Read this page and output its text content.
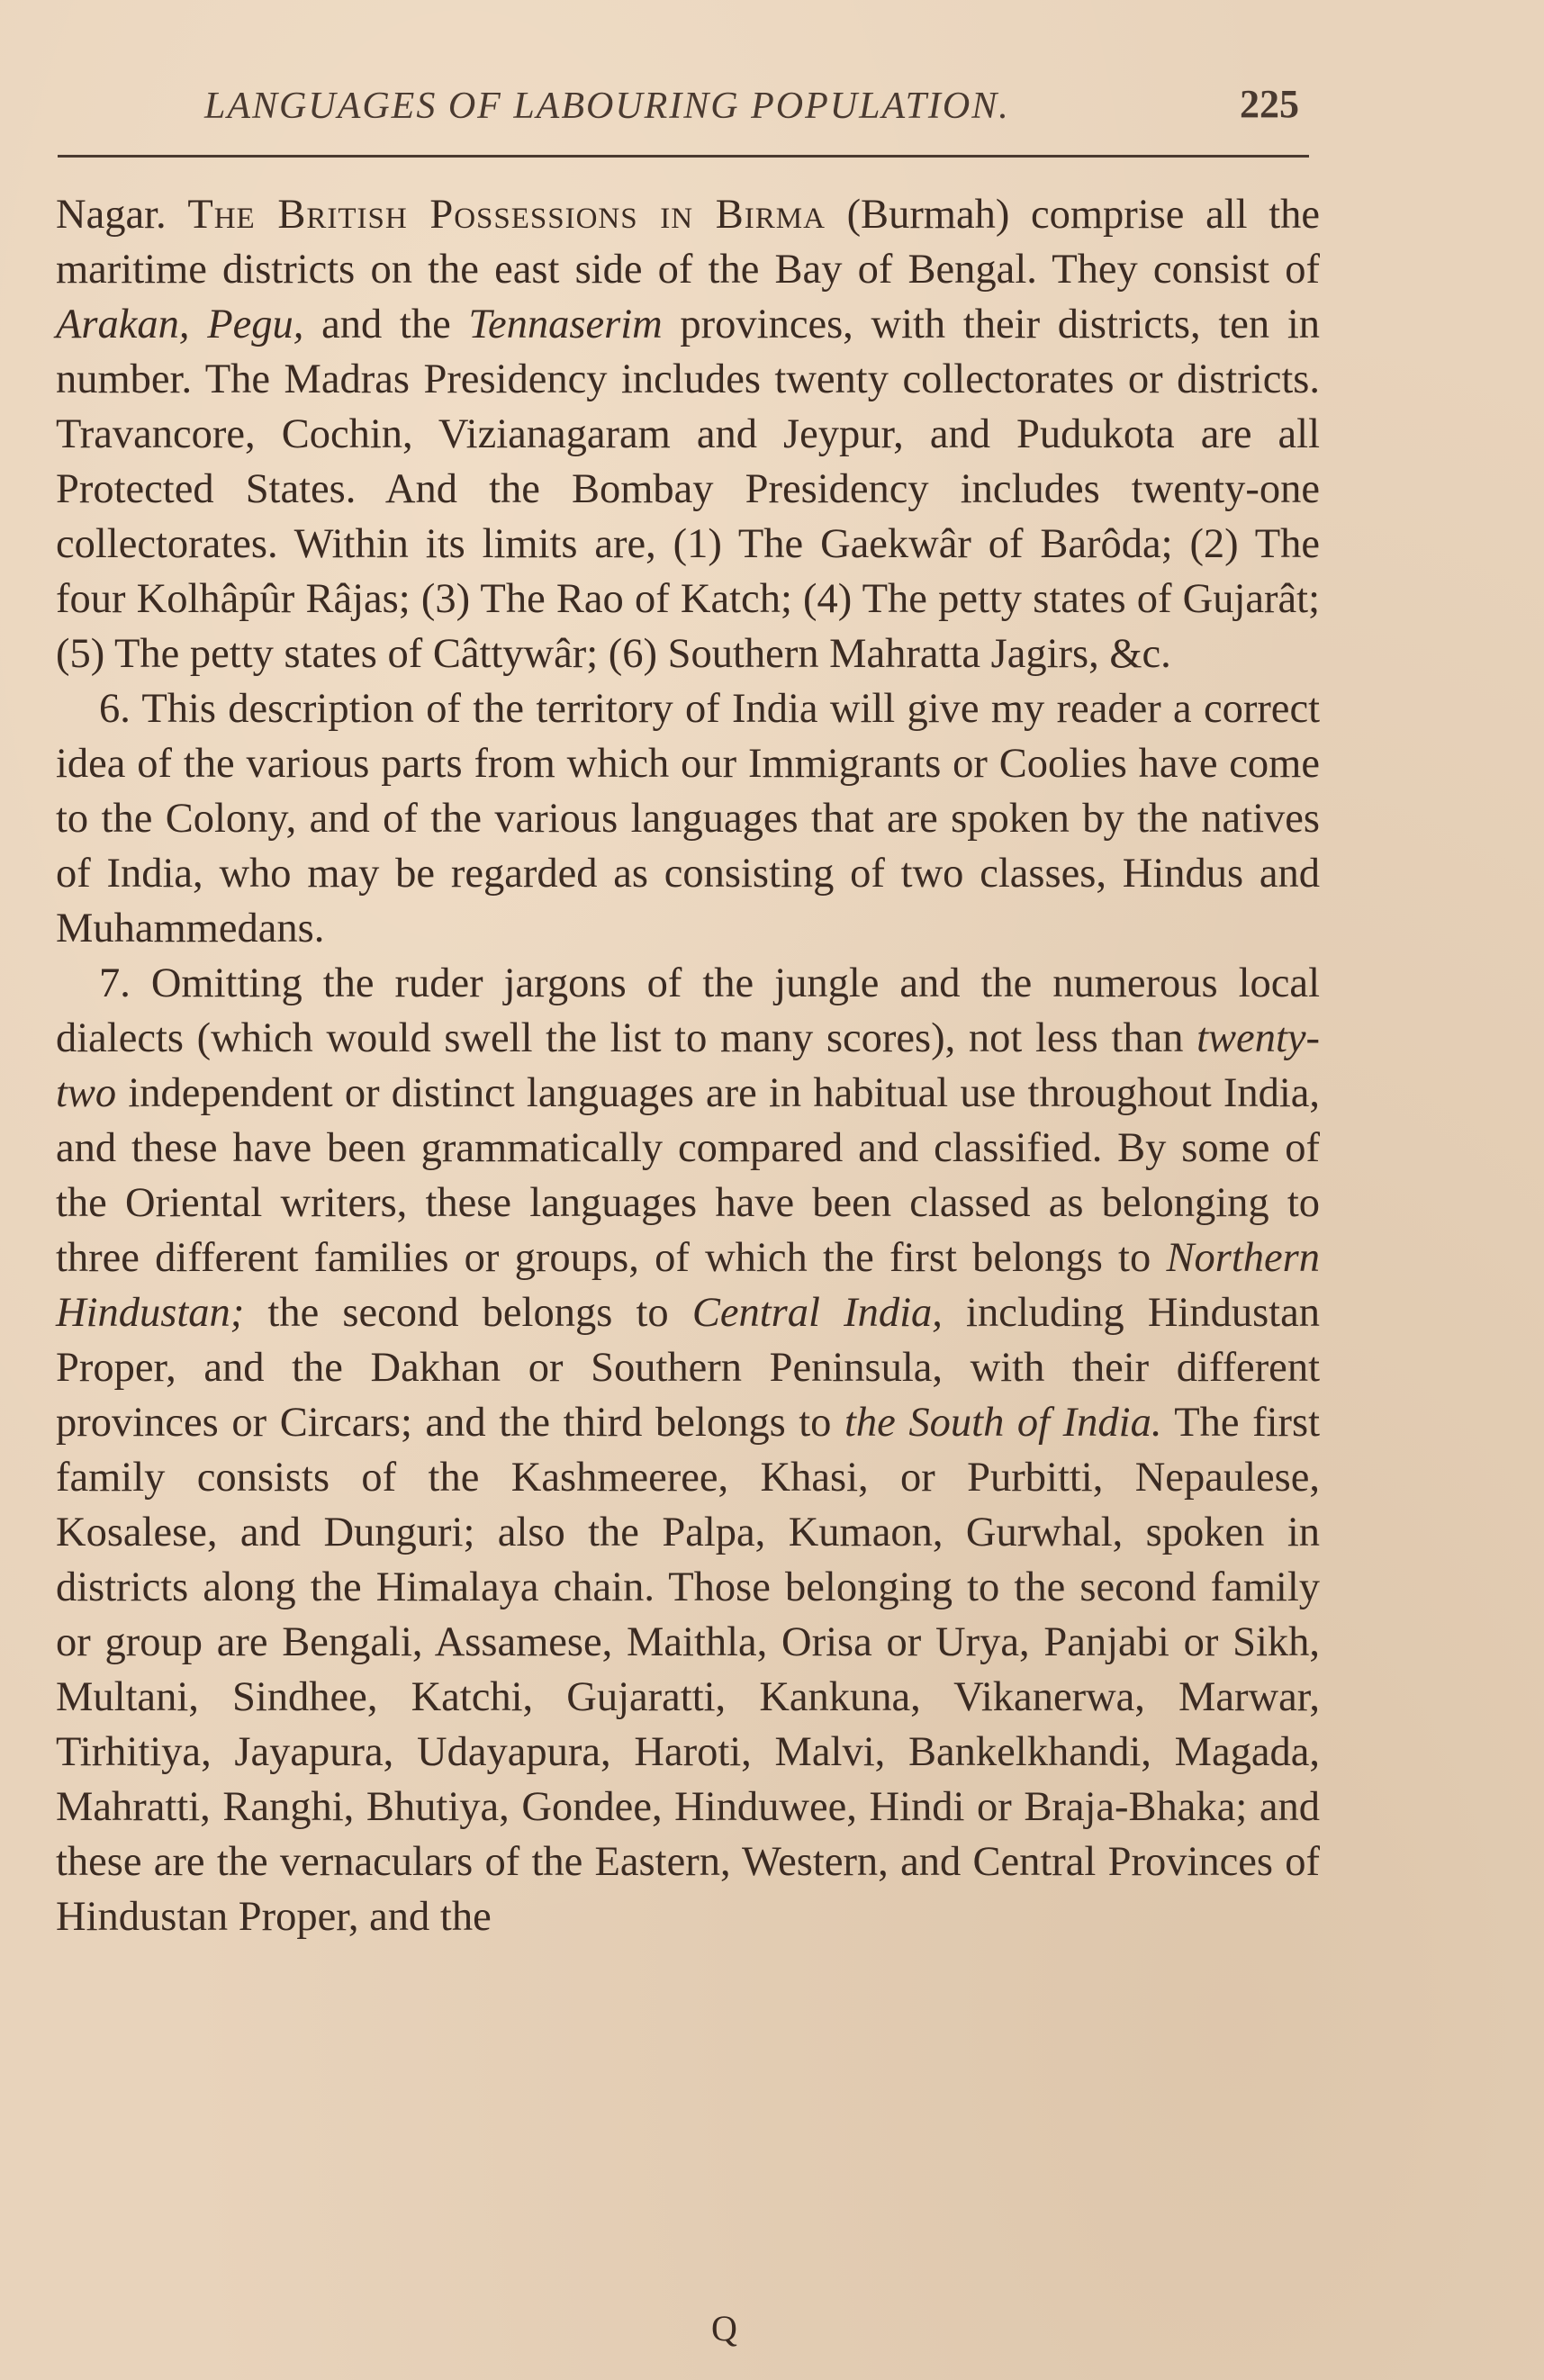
LANGUAGES OF LABOURING POPULATION.	225

Nagar. The British Possessions in Birma (Burmah) comprise all the maritime districts on the east side of the Bay of Bengal. They consist of Arakan, Pegu, and the Tennaserim provinces, with their districts, ten in number. The Madras Presidency includes twenty collectorates or districts. Travancore, Cochin, Vizianagaram and Jeypur, and Pudukota are all Protected States. And the Bombay Presidency includes twenty-one collectorates. Within its limits are, (1) The Gaekwâr of Barôda; (2) The four Kolhâpûr Râjas; (3) The Rao of Katch; (4) The petty states of Gujarât; (5) The petty states of Câttywâr; (6) Southern Mahratta Jagirs, &c.

6. This description of the territory of India will give my reader a correct idea of the various parts from which our Immigrants or Coolies have come to the Colony, and of the various languages that are spoken by the natives of India, who may be regarded as consisting of two classes, Hindus and Muhammedans.

7. Omitting the ruder jargons of the jungle and the numerous local dialects (which would swell the list to many scores), not less than twenty-two independent or distinct languages are in habitual use throughout India, and these have been grammatically compared and classified. By some of the Oriental writers, these languages have been classed as belonging to three different families or groups, of which the first belongs to Northern Hindustan; the second belongs to Central India, including Hindustan Proper, and the Dakhan or Southern Peninsula, with their different provinces or Circars; and the third belongs to the South of India. The first family consists of the Kashmeeree, Khasi, or Purbitti, Nepaulese, Kosalese, and Dunguri; also the Palpa, Kumaon, Gurwhal, spoken in districts along the Himalaya chain. Those belonging to the second family or group are Bengali, Assamese, Maithla, Orisa or Urya, Panjabi or Sikh, Multani, Sindhee, Katchi, Gujaratti, Kankuna, Vikanerwa, Marwar, Tirhitiya, Jayapura, Udayapura, Haroti, Malvi, Bankelkhandi, Magada, Mahratti, Ranghi, Bhutiya, Gondee, Hinduwee, Hindi or Braja-Bhaka; and these are the vernaculars of the Eastern, Western, and Central Provinces of Hindustan Proper, and the

Q
